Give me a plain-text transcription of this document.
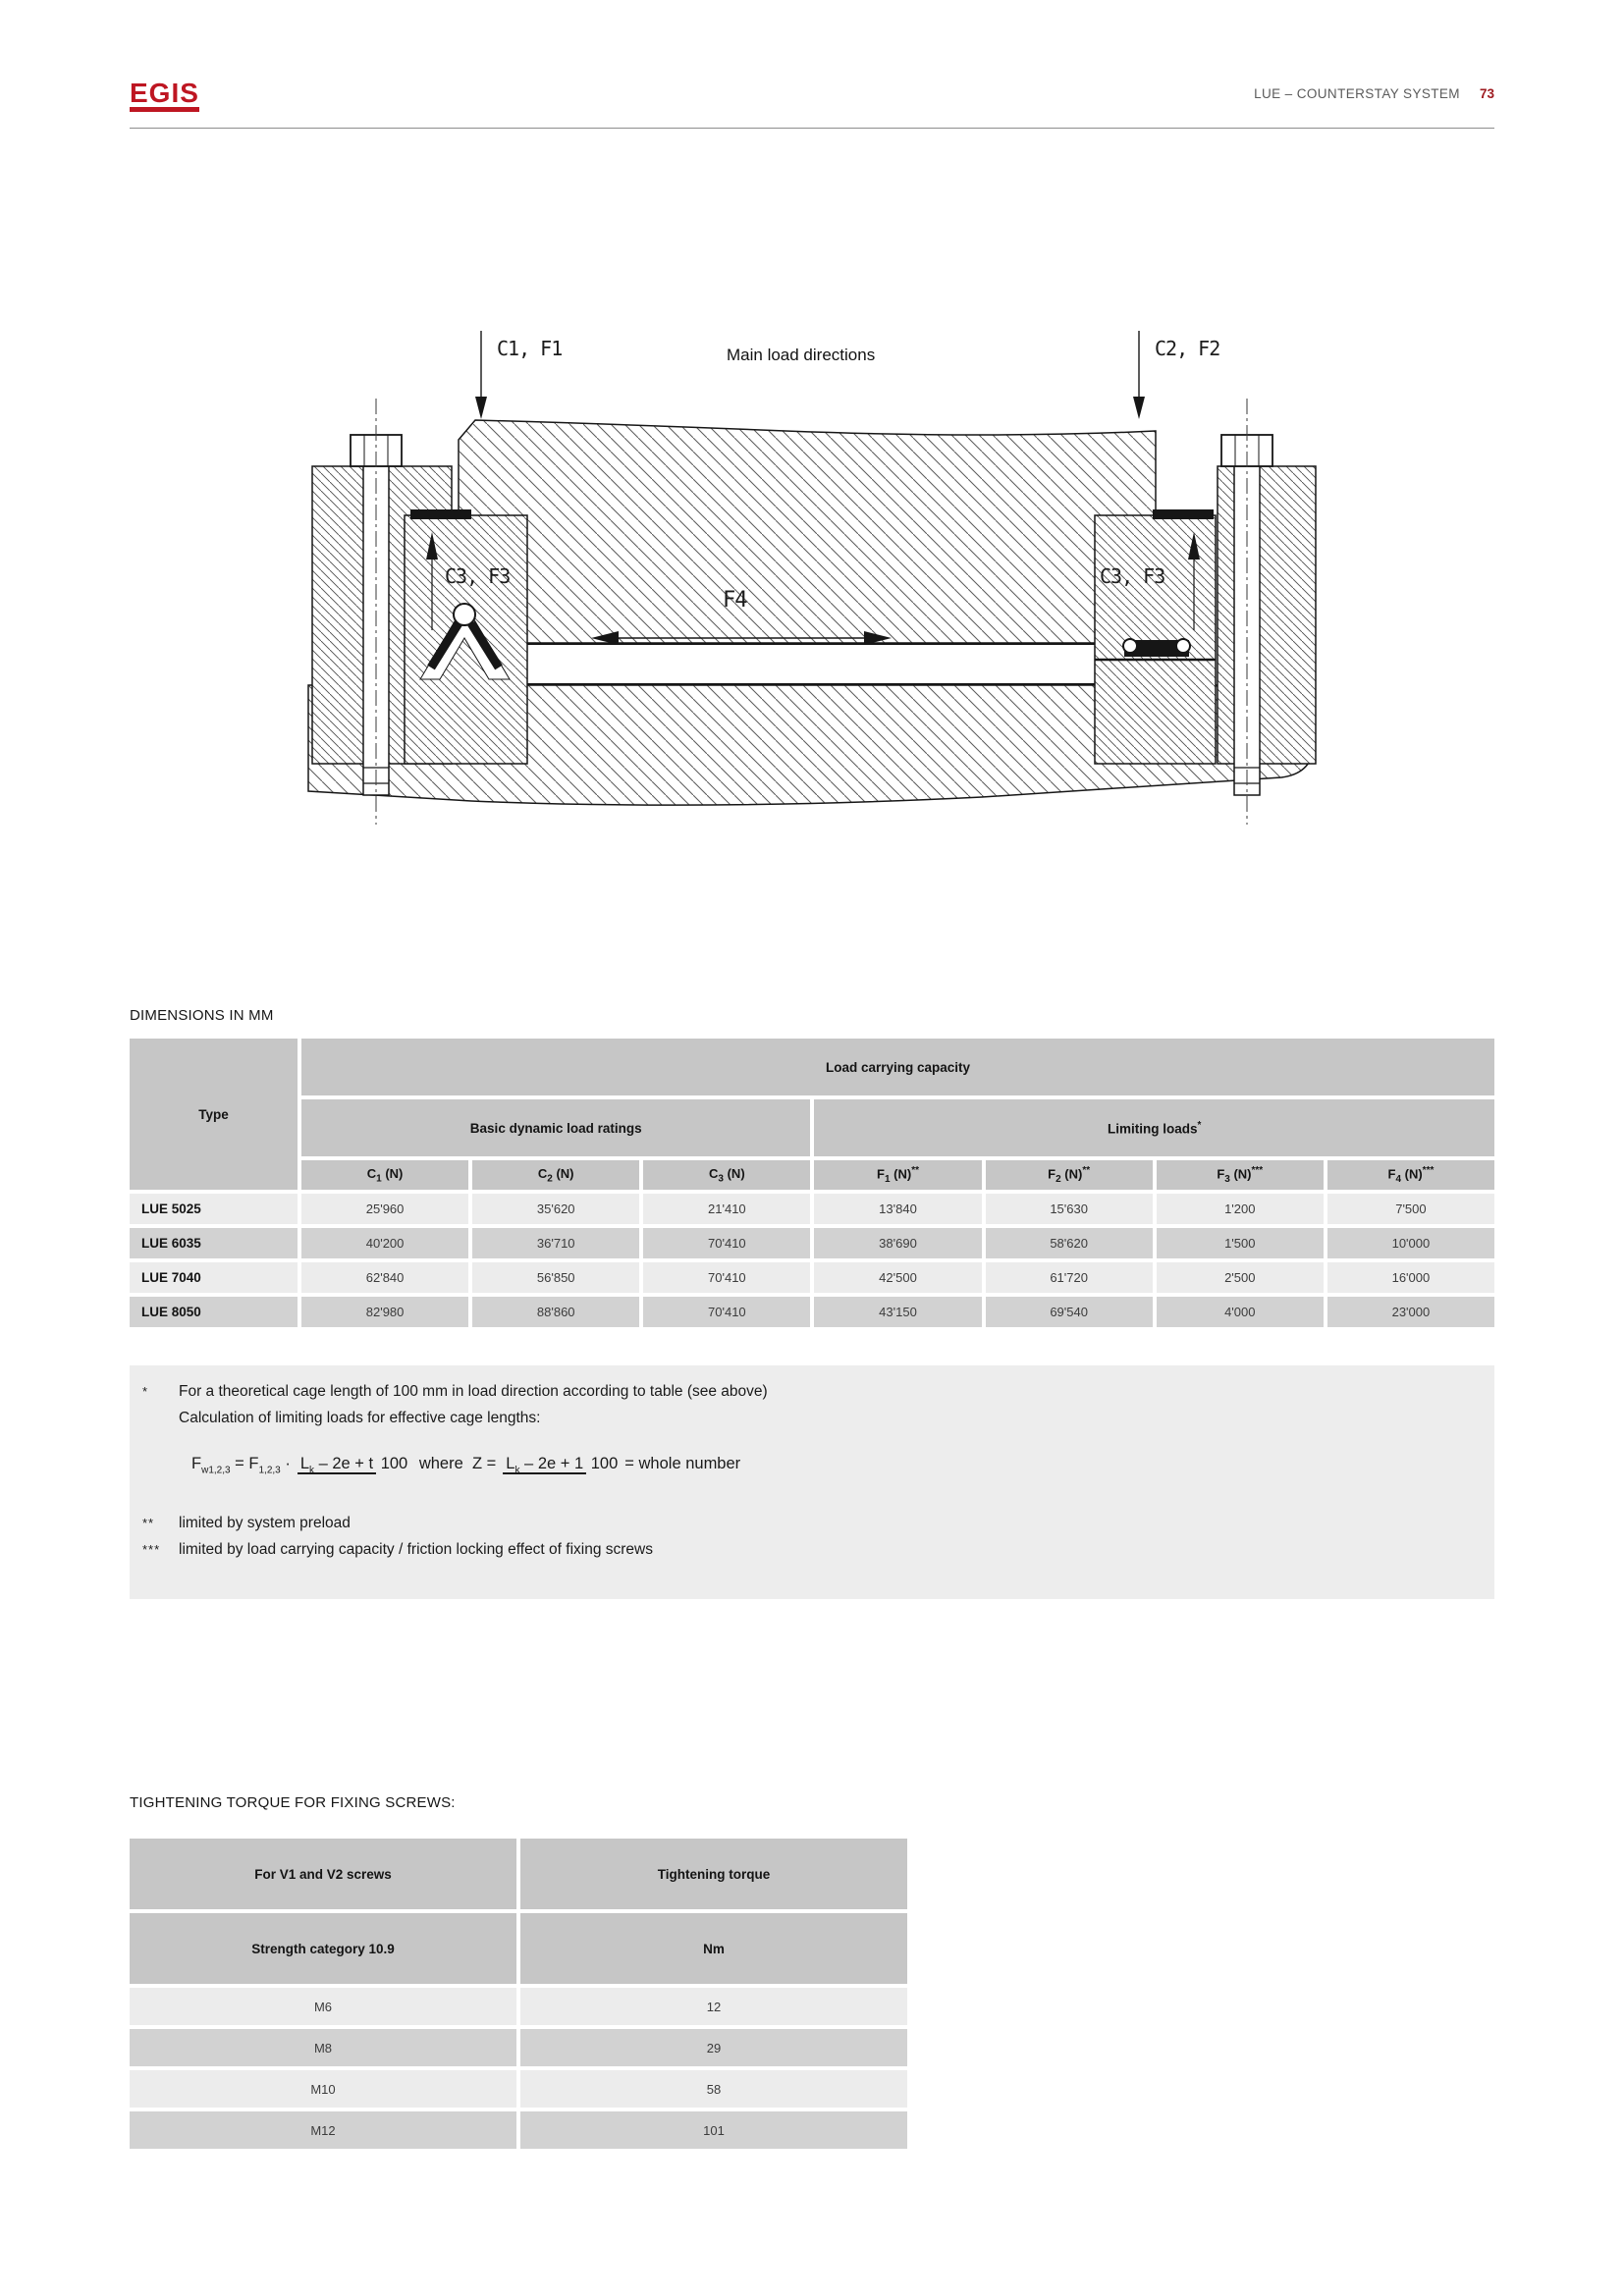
EGIS	LUE – COUNTERSTAY SYSTEM 73
C1, F1	C2, F2
Main load directions
C3, F3	C3, F3
F4
DIMENSIONS IN MM
Type	Load carrying capacity						
	Basic dynamic load ratings			Limiting loads*
	$C_1$ (N)	$C_2$ (N)	$C_3$ (N)	$F_1$ (N)**	$F_2$ (N)**	$F_3$ (N)***	$F_4$ (N)***
LUE 5025	25'960	35'620	21'410	13'840	15'630	1'200	7'500
LUE 6035	40'200	36'710	70'410	38'690	58'620	1'500	10'000
LUE 7040	62'840	56'850	70'410	42'500	61'720	2'500	16'000
LUE 8050	82'980	88'860	70'410	43'150	69'540	4'000	23'000
*	For a theoretical cage length of 100 mm in load direction according to table (see above)
Calculation of limiting loads for effective cage lengths:
$F_{w1,2,3} = F_{1,2,3} \cdot L_k - 2e + t$ 100 where $Z = L_k - 2e + 1$ 100 = whole number
**	limited by system preload
***	limited by load carrying capacity / friction locking effect of fixing screws
TIGHTENING TORQUE FOR FIXING SCREWS:
For V1 and V2 screws	Tightening torque
Strength category 10.9	Nm
M6	12
M8	29
M10	58
M12	101
